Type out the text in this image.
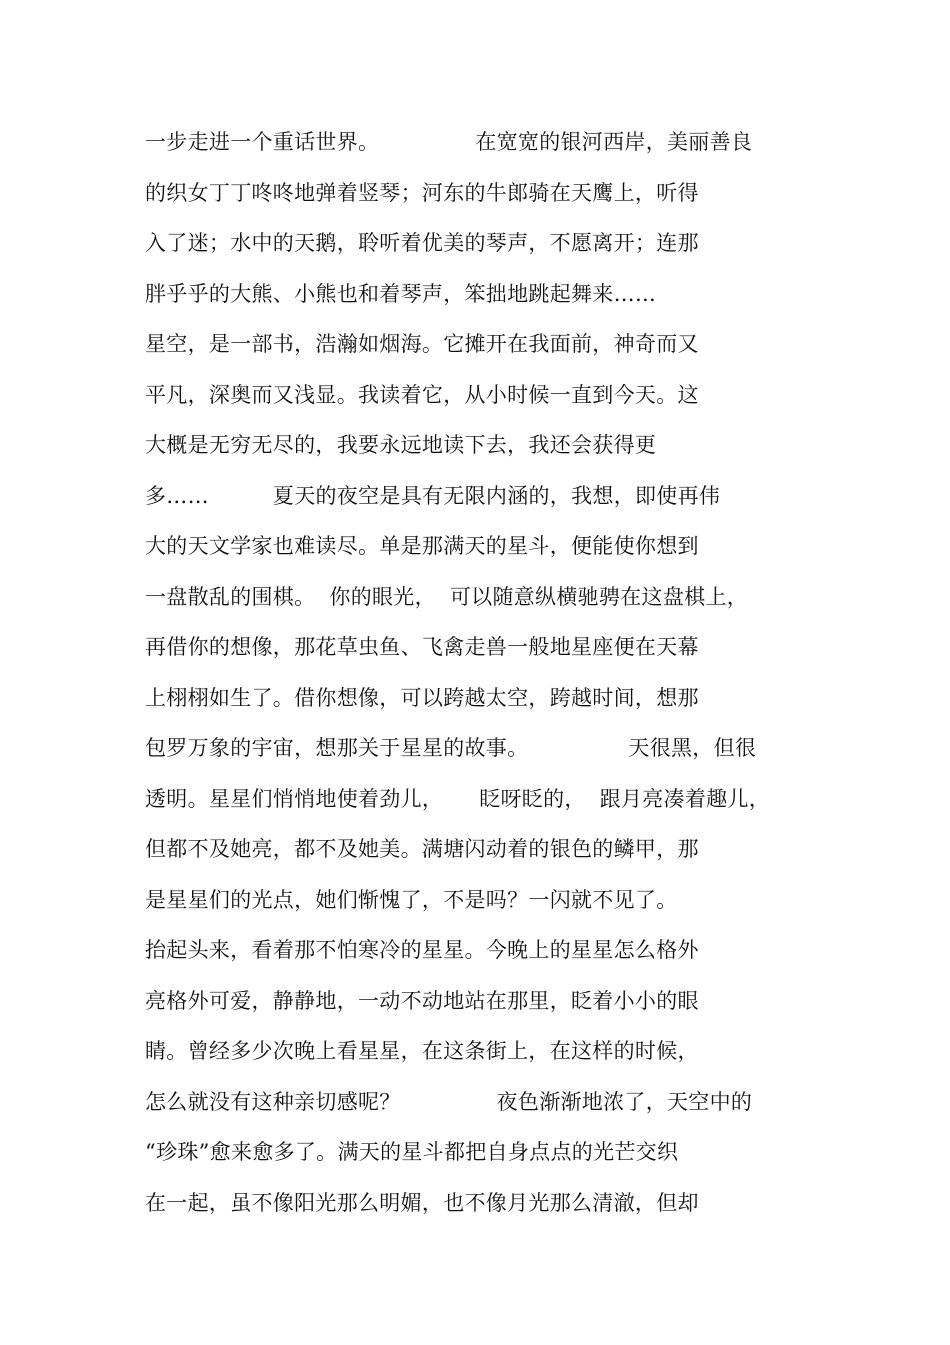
一步走进一个重话世界。	在宽宽的银河西岸，美丽善良
的织女丁丁咚咚地弹着竖琴；河东的牛郎骑在天鹰上，听得
入了迷；水中的天鹅，聆听着优美的琴声，不愿离开；连那
胖乎乎的大熊、小熊也和着琴声，笨拙地跳起舞来……
星空，是一部书，浩瀚如烟海。它摊开在我面前，神奇而又
平凡，深奥而又浅显。我读着它，从小时候一直到今天。这
大概是无穷无尽的，我要永远地读下去，我还会获得更
多……	夏天的夜空是具有无限内涵的，我想，即使再伟
大的天文学家也难读尽。单是那满天的星斗，便能使你想到
一盘散乱的围棋。 你的眼光，  可以随意纵横驰骋在这盘棋上，
再借你的想像，那花草虫鱼、飞禽走兽一般地星座便在天幕
上栩栩如生了。借你想像，可以跨越太空，跨越时间，想那
包罗万象的宇宙，想那关于星星的故事。	天很黑，但很
透明。星星们悄悄地使着劲儿， 眨呀眨的，  跟月亮凑着趣儿，
但都不及她亮，都不及她美。满塘闪动着的银色的鳞甲，那
是星星们的光点，她们惭愧了，不是吗？一闪就不见了。
抬起头来，看着那不怕寒冷的星星。今晚上的星星怎么格外
亮格外可爱，静静地，一动不动地站在那里，眨着小小的眼
睛。曾经多少次晚上看星星，在这条街上，在这样的时候，
怎么就没有这种亲切感呢？	夜色渐渐地浓了，天空中的
“珍珠”愈来愈多了。满天的星斗都把自身点点的光芒交织
在一起，虽不像阳光那么明媚，也不像月光那么清澈，但却
